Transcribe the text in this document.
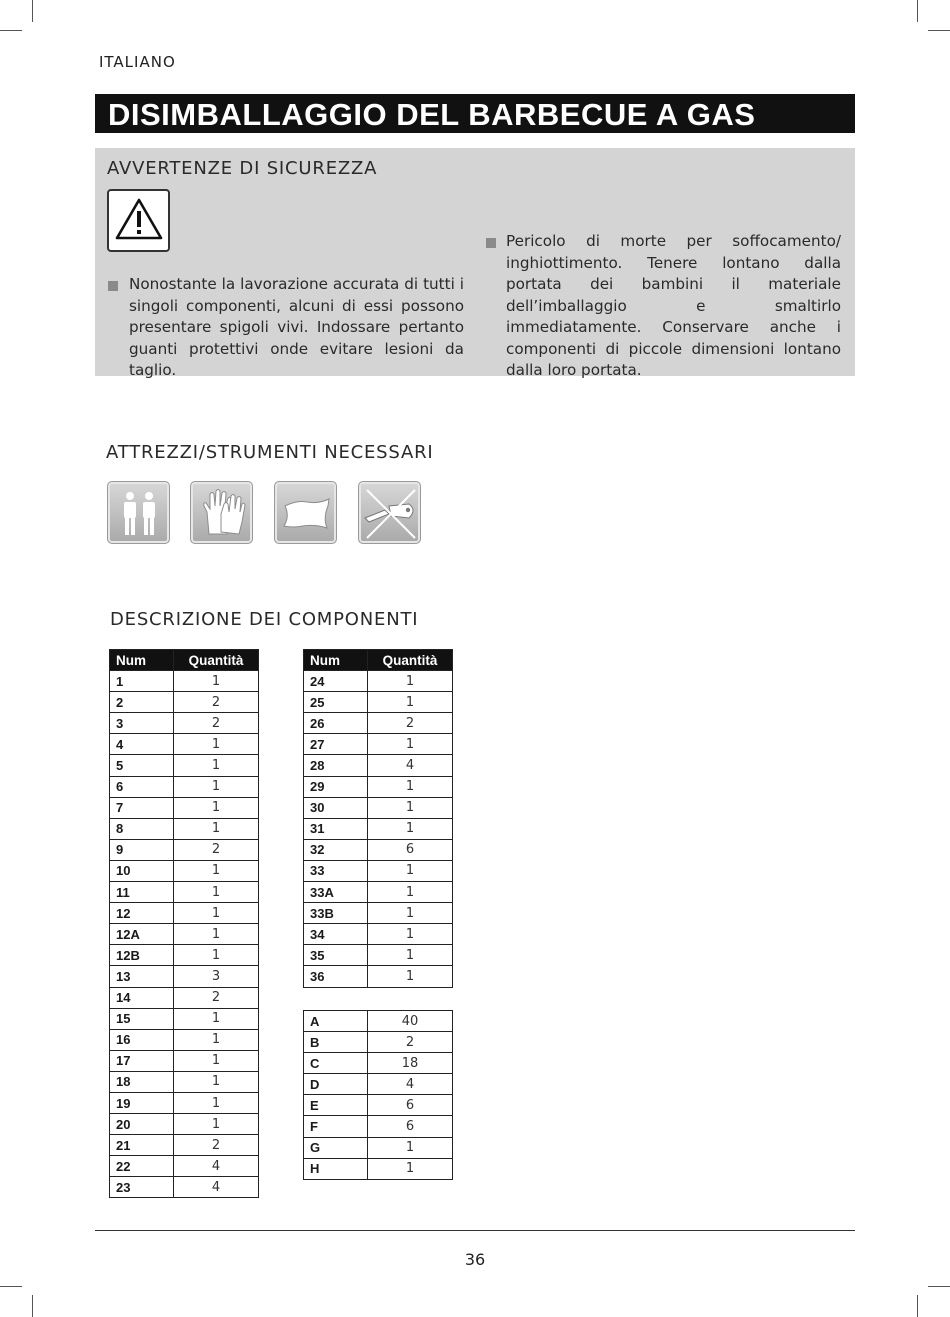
ITALIANO
DISIMBALLAGGIO DEL BARBECUE A GAS
AVVERTENZE DI SICUREZZA
Nonostante la lavorazione accurata di tutti i singoli componenti, alcuni di essi possono presentare spigoli vivi. Indossare pertanto guanti protettivi onde evitare lesioni da taglio.
Pericolo di morte per soffocamento/ inghiottimento. Tenere lontano dalla portata dei bambini il materiale dell’imballaggio e smaltirlo immediatamente. Conservare anche i componenti di piccole dimensioni lontano dalla loro portata.
ATTREZZI/STRUMENTI NECESSARI
DESCRIZIONE DEI COMPONENTI
Num	Quantità
1	1
2	2
3	2
4	1
5	1
6	1
7	1
8	1
9	2
10	1
11	1
12	1
12A	1
12B	1
13	3
14	2
15	1
16	1
17	1
18	1
19	1
20	1
21	2
22	4
23	4
Num	Quantità
24	1
25	1
26	2
27	1
28	4
29	1
30	1
31	1
32	6
33	1
33A	1
33B	1
34	1
35	1
36	1
A	40
B	2
C	18
D	4
E	6
F	6
G	1
H	1
36
